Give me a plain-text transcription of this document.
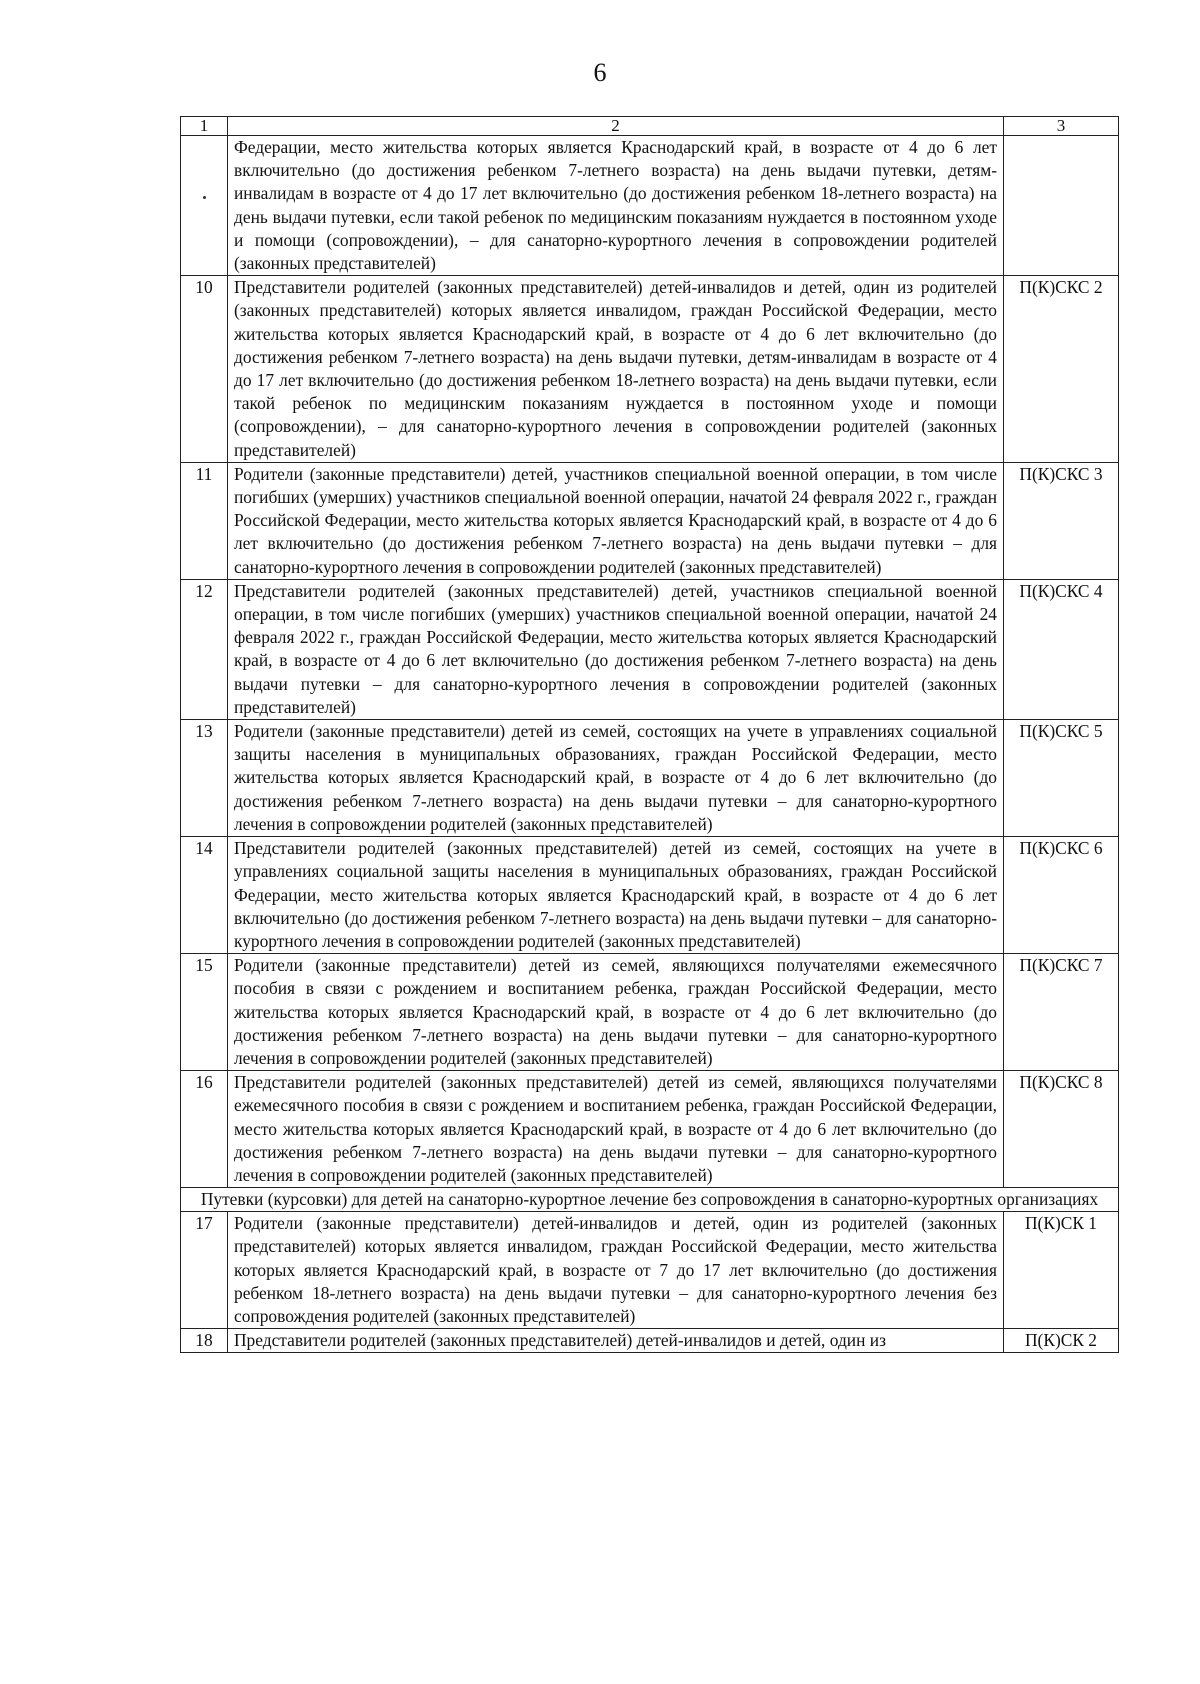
6
1	2	3
	Федерации, место жительства которых является Краснодарский край, в возрасте от 4 до 6 лет включительно (до достижения ребенком 7-летнего возраста) на день выдачи путевки, детям-инвалидам в возрасте от 4 до 17 лет включительно (до достижения ребенком 18-летнего возраста) на день выдачи путевки, если такой ребенок по медицинским показаниям нуждается в постоянном уходе и помощи (сопровождении), – для санаторно-курортного лечения в сопровождении родителей (законных представителей)	
10	Представители родителей (законных представителей) детей-инвалидов и детей, один из родителей (законных представителей) которых является инвалидом, граждан Российской Федерации, место жительства которых является Краснодарский край, в возрасте от 4 до 6 лет включительно (до достижения ребенком 7-летнего возраста) на день выдачи путевки, детям-инвалидам в возрасте от 4 до 17 лет включительно (до достижения ребенком 18-летнего возраста) на день выдачи путевки, если такой ребенок по медицинским показаниям нуждается в постоянном уходе и помощи (сопровождении), – для санаторно-курортного лечения в сопровождении родителей (законных представителей)	П(К)СКС 2
11	Родители (законные представители) детей, участников специальной военной операции, в том числе погибших (умерших) участников специальной военной операции, начатой 24 февраля 2022 г., граждан Российской Федерации, место жительства которых является Краснодарский край, в возрасте от 4 до 6 лет включительно (до достижения ребенком 7-летнего возраста) на день выдачи путевки – для санаторно-курортного лечения в сопровождении родителей (законных представителей)	П(К)СКС 3
12	Представители родителей (законных представителей) детей, участников специальной военной операции, в том числе погибших (умерших) участников специальной военной операции, начатой 24 февраля 2022 г., граждан Российской Федерации, место жительства которых является Краснодарский край, в возрасте от 4 до 6 лет включительно (до достижения ребенком 7-летнего возраста) на день выдачи путевки – для санаторно-курортного лечения в сопровождении родителей (законных представителей)	П(К)СКС 4
13	Родители (законные представители) детей из семей, состоящих на учете в управлениях социальной защиты населения в муниципальных образованиях, граждан Российской Федерации, место жительства которых является Краснодарский край, в возрасте от 4 до 6 лет включительно (до достижения ребенком 7-летнего возраста) на день выдачи путевки – для санаторно-курортного лечения в сопровождении родителей (законных представителей)	П(К)СКС 5
14	Представители родителей (законных представителей) детей из семей, состоящих на учете в управлениях социальной защиты населения в муниципальных образованиях, граждан Российской Федерации, место жительства которых является Краснодарский край, в возрасте от 4 до 6 лет включительно (до достижения ребенком 7-летнего возраста) на день выдачи путевки – для санаторно-курортного лечения в сопровождении родителей (законных представителей)	П(К)СКС 6
15	Родители (законные представители) детей из семей, являющихся получателями ежемесячного пособия в связи с рождением и воспитанием ребенка, граждан Российской Федерации, место жительства которых является Краснодарский край, в возрасте от 4 до 6 лет включительно (до достижения ребенком 7-летнего возраста) на день выдачи путевки – для санаторно-курортного лечения в сопровождении родителей (законных представителей)	П(К)СКС 7
16	Представители родителей (законных представителей) детей из семей, являющихся получателями ежемесячного пособия в связи с рождением и воспитанием ребенка, граждан Российской Федерации, место жительства которых является Краснодарский край, в возрасте от 4 до 6 лет включительно (до достижения ребенком 7-летнего возраста) на день выдачи путевки – для санаторно-курортного лечения в сопровождении родителей (законных представителей)	П(К)СКС 8
Путевки (курсовки) для детей на санаторно-курортное лечение без сопровождения в санаторно-курортных организациях		
17	Родители (законные представители) детей-инвалидов и детей, один из родителей (законных представителей) которых является инвалидом, граждан Российской Федерации, место жительства которых является Краснодарский край, в возрасте от 7 до 17 лет включительно (до достижения ребенком 18-летнего возраста) на день выдачи путевки – для санаторно-курортного лечения без сопровождения родителей (законных представителей)	П(К)СК 1
18	Представители родителей (законных представителей) детей-инвалидов и детей, один из	П(К)СК 2
